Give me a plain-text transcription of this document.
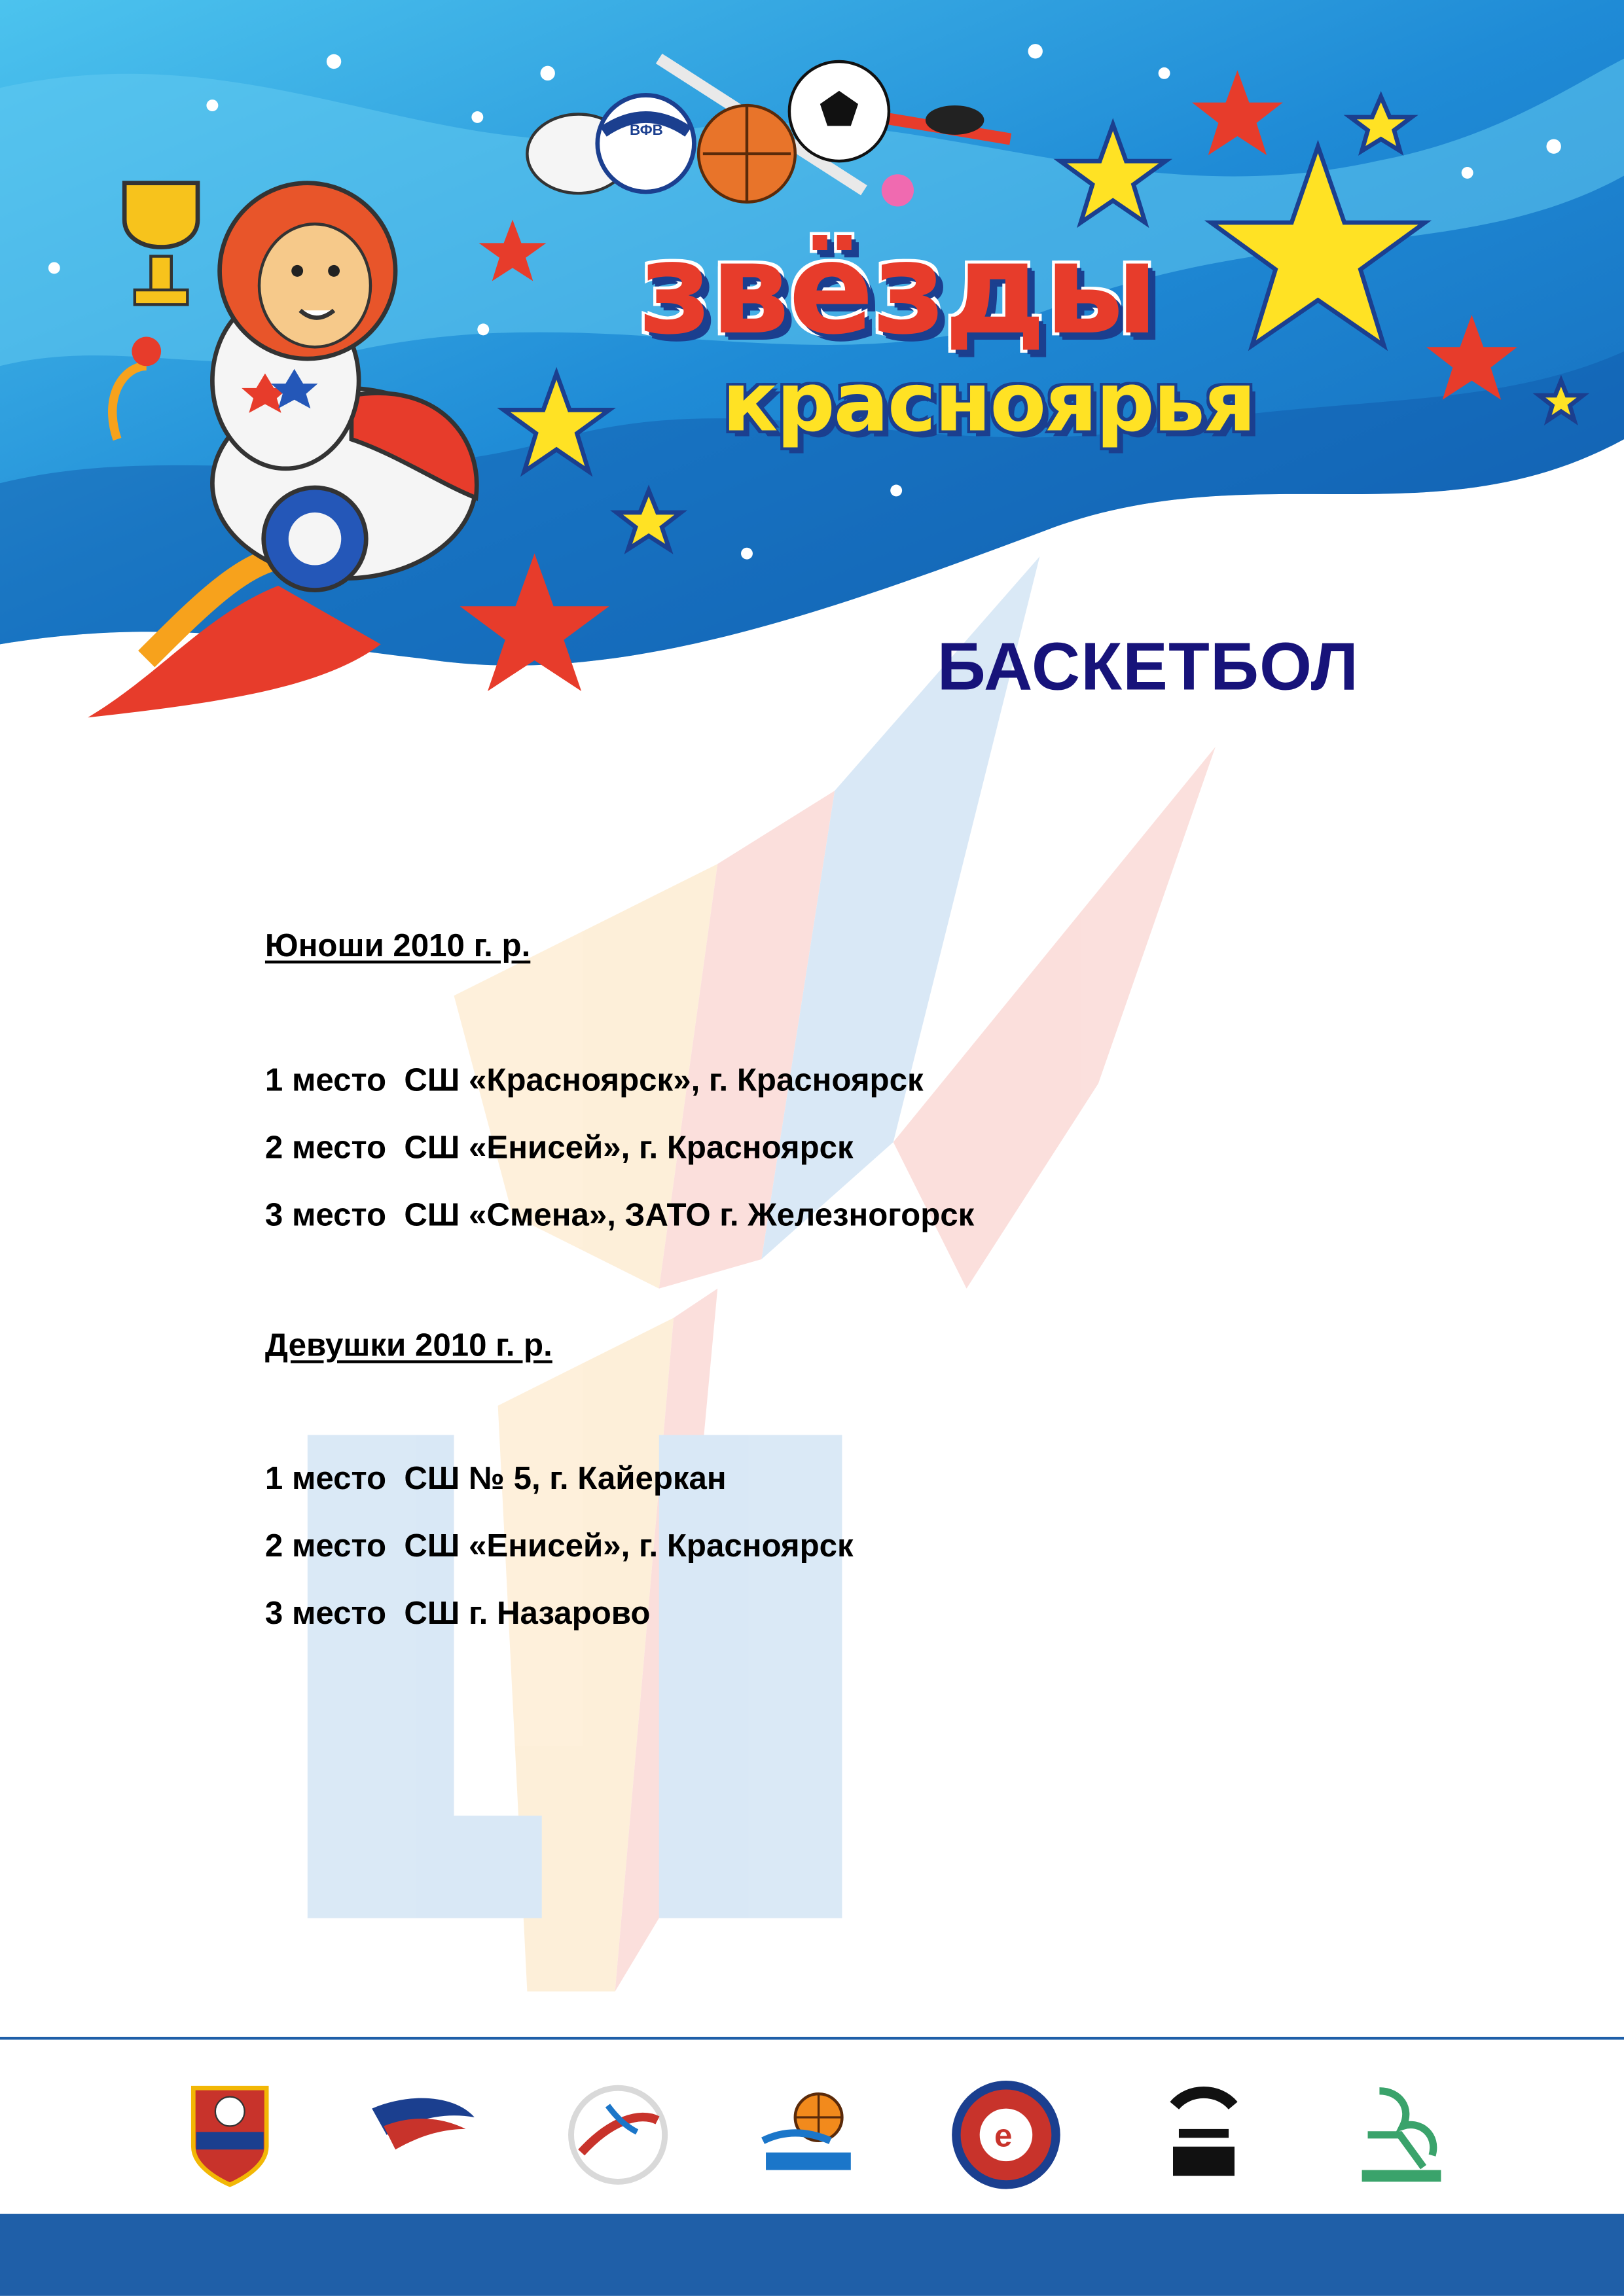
ВФВ
звёзды
красноярья
БАСКЕТБОЛ
Юноши 2010 г. р.
1 место  СШ «Красноярск», г. Красноярск
2 место  СШ «Енисей», г. Красноярск
3 место  СШ «Смена», ЗАТО г. Железногорск
Девушки 2010 г. р.
1 место  СШ № 5, г. Кайеркан
2 место  СШ «Енисей», г. Красноярск
3 место  СШ г. Назарово
е
